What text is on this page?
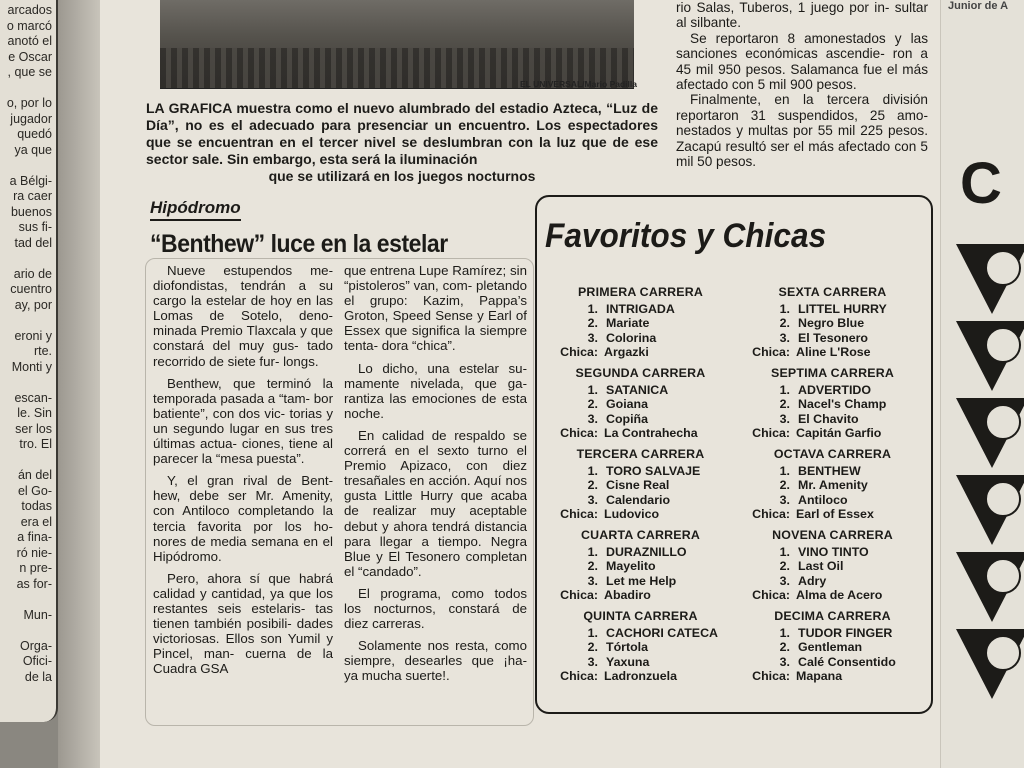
arcados
o marcó
anotó el
e Oscar
, que se
o, por lo
jugador
quedó
ya que
a Bélgi-
ra caer
buenos
sus fi-
tad del
ario de
cuentro
ay, por
eroni y
rte.
Monti y
escan-
le. Sin
ser los
tro. El
án del
el Go-
todas
era el
a fina-
ró nie-
n pre-
as for-
Mun-
Orga-
Ofici-
de la
EL UNIVERSAL/Mario Padilla
LA GRAFICA muestra como el nuevo alumbrado del estadio Azteca, “Luz de Día”, no es el adecuado para presenciar un encuentro. Los espectadores que se encuentran en el tercer nivel se deslumbran con la luz que de ese sector sale. Sin embargo, esta será la iluminación
que se utilizará en los juegos nocturnos

rio Salas, Tuberos, 1 juego por in- sultar al silbante.

Se reportaron 8 amonestados y las sanciones económicas ascendie- ron a 45 mil 950 pesos. Salamanca fue el más afectado con 5 mil 900 pesos.

Finalmente, en la tercera división reportaron 31 suspendidos, 25 amo- nestados y multas por 55 mil 225 pesos. Zacapú resultó ser el más afectado con 5 mil 50 pesos.

Junior de A
Hipódromo
“Benthew” luce en la estelar

Nueve estupendos me- diofondistas, tendrán a su cargo la estelar de hoy en las Lomas de Sotelo, deno- minada Premio Tlaxcala y que constará del muy gus- tado recorrido de siete fur- longs.

Benthew, que terminó la temporada pasada a “tam- bor batiente”, con dos vic- torias y un segundo lugar en sus tres últimas actua- ciones, tiene al parecer la “mesa puesta”.

Y, el gran rival de Bent- hew, debe ser Mr. Amenity, con Antiloco completando la tercia favorita por los ho- nores de media semana en el Hipódromo.

Pero, ahora sí que habrá calidad y cantidad, ya que los restantes seis estelaris- tas tienen también posibili- dades victoriosas. Ellos son Yumil y Pincel, man- cuerna de la Cuadra GSA

que entrena Lupe Ramírez; sin “pistoleros” van, com- pletando el grupo: Kazim, Pappa’s Groton, Speed Sense y Earl of Essex que significa la siempre tenta- dora “chica”.

Lo dicho, una estelar su- mamente nivelada, que ga- rantiza las emociones de esta noche.

En calidad de respaldo se correrá en el sexto turno el Premio Apizaco, con diez tresañales en acción. Aquí nos gusta Little Hurry que acaba de realizar muy aceptable debut y ahora tendrá distancia para llegar a tiempo. Negra Blue y El Tesonero completan el “candado”.

El programa, como todos los nocturnos, constará de diez carreras.

Solamente nos resta, como siempre, desearles que ¡ha- ya mucha suerte!.

Favoritos y Chicas
PRIMERA CARRERA
1. INTRIGADA
2. Mariate
3. Colorina
Chica: Argazki
SEGUNDA CARRERA
1. SATANICA
2. Goiana
3. Copiña
Chica: La Contrahecha
TERCERA CARRERA
1. TORO SALVAJE
2. Cisne Real
3. Calendario
Chica: Ludovico
CUARTA CARRERA
1. DURAZNILLO
2. Mayelito
3. Let me Help
Chica: Abadiro
QUINTA CARRERA
1. CACHORI CATECA
2. Tórtola
3. Yaxuna
Chica: Ladronzuela
SEXTA CARRERA
1. LITTEL HURRY
2. Negro Blue
3. El Tesonero
Chica: Aline L'Rose
SEPTIMA CARRERA
1. ADVERTIDO
2. Nacel's Champ
3. El Chavito
Chica: Capitán Garfio
OCTAVA CARRERA
1. BENTHEW
2. Mr. Amenity
3. Antiloco
Chica: Earl of Essex
NOVENA CARRERA
1. VINO TINTO
2. Last Oil
3. Adry
Chica: Alma de Acero
DECIMA CARRERA
1. TUDOR FINGER
2. Gentleman
3. Calé Consentido
Chica: Mapana
C
